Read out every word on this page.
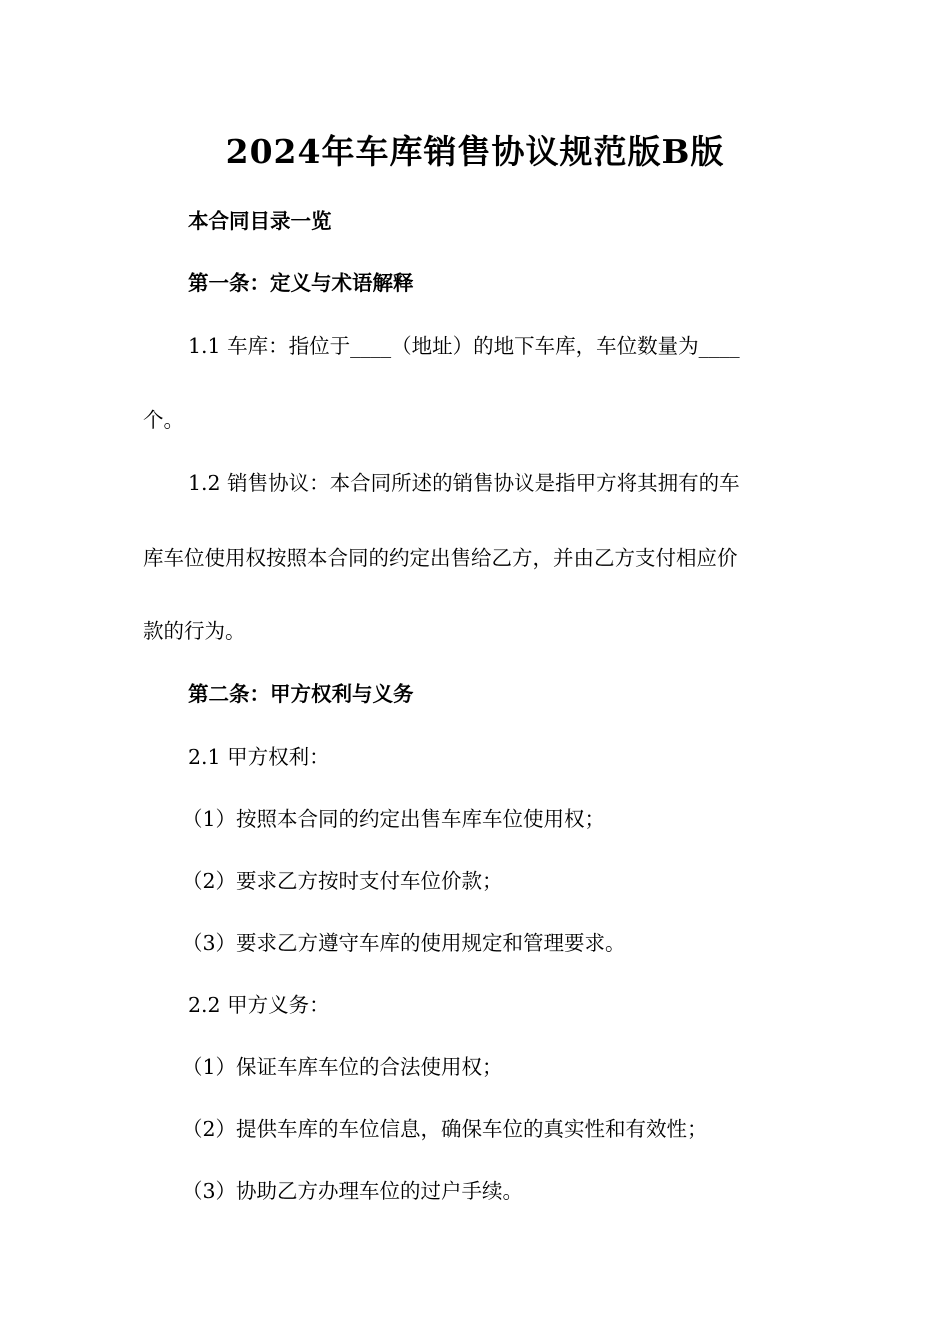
2024年车库销售协议规范版B版

本合同目录一览

第一条：定义与术语解释

1.1 车库：指位于____（地址）的地下车库，车位数量为____

个。

1.2 销售协议：本合同所述的销售协议是指甲方将其拥有的车

库车位使用权按照本合同的约定出售给乙方，并由乙方支付相应价

款的行为。

第二条：甲方权利与义务

2.1 甲方权利：

（1）按照本合同的约定出售车库车位使用权；

（2）要求乙方按时支付车位价款；

（3）要求乙方遵守车库的使用规定和管理要求。

2.2 甲方义务：

（1）保证车库车位的合法使用权；

（2）提供车库的车位信息，确保车位的真实性和有效性；

（3）协助乙方办理车位的过户手续。
